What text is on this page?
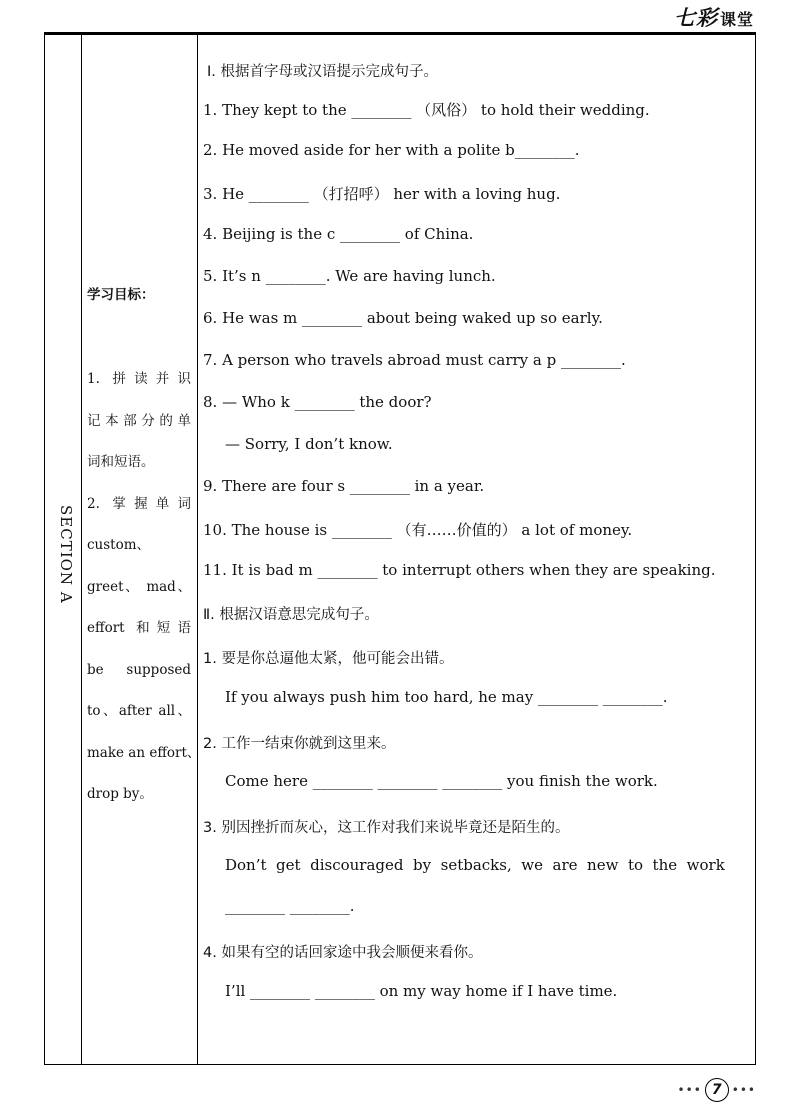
七彩 课堂
SECTION A
学习目标：
1. 拼读并识
记本部分的单
词和短语。
2. 掌握单词
custom、
greet、 mad、
effort 和短语
be supposed
to、after all、
make an effort、
drop by。
Ⅰ. 根据首字母或汉语提示完成句子。
1. They kept to the ________ （风俗） to hold their wedding.
2. He moved aside for her with a polite b________.
3. He ________ （打招呼） her with a loving hug.
4. Beijing is the c ________ of China.
5. It’s n ________. We are having lunch.
6. He was m ________ about being waked up so early.
7. A person who travels abroad must carry a p ________.
8. — Who k ________ the door?
— Sorry, I don’t know.
9. There are four s ________ in a year.
10. The house is ________ （有……价值的） a lot of money.
11. It is bad m ________ to interrupt others when they are speaking.
Ⅱ. 根据汉语意思完成句子。
1. 要是你总逼他太紧，他可能会出错。
If you always push him too hard, he may ________ ________.
2. 工作一结束你就到这里来。
Come here ________ ________ ________ you finish the work.
3. 别因挫折而灰心，这工作对我们来说毕竟还是陌生的。
Don’t  get  discouraged  by  setbacks,  we  are  new  to  the  work
________ ________.
4. 如果有空的话回家途中我会顺便来看你。
I’ll ________ ________ on my way home if I have time.
••• 7 •••
